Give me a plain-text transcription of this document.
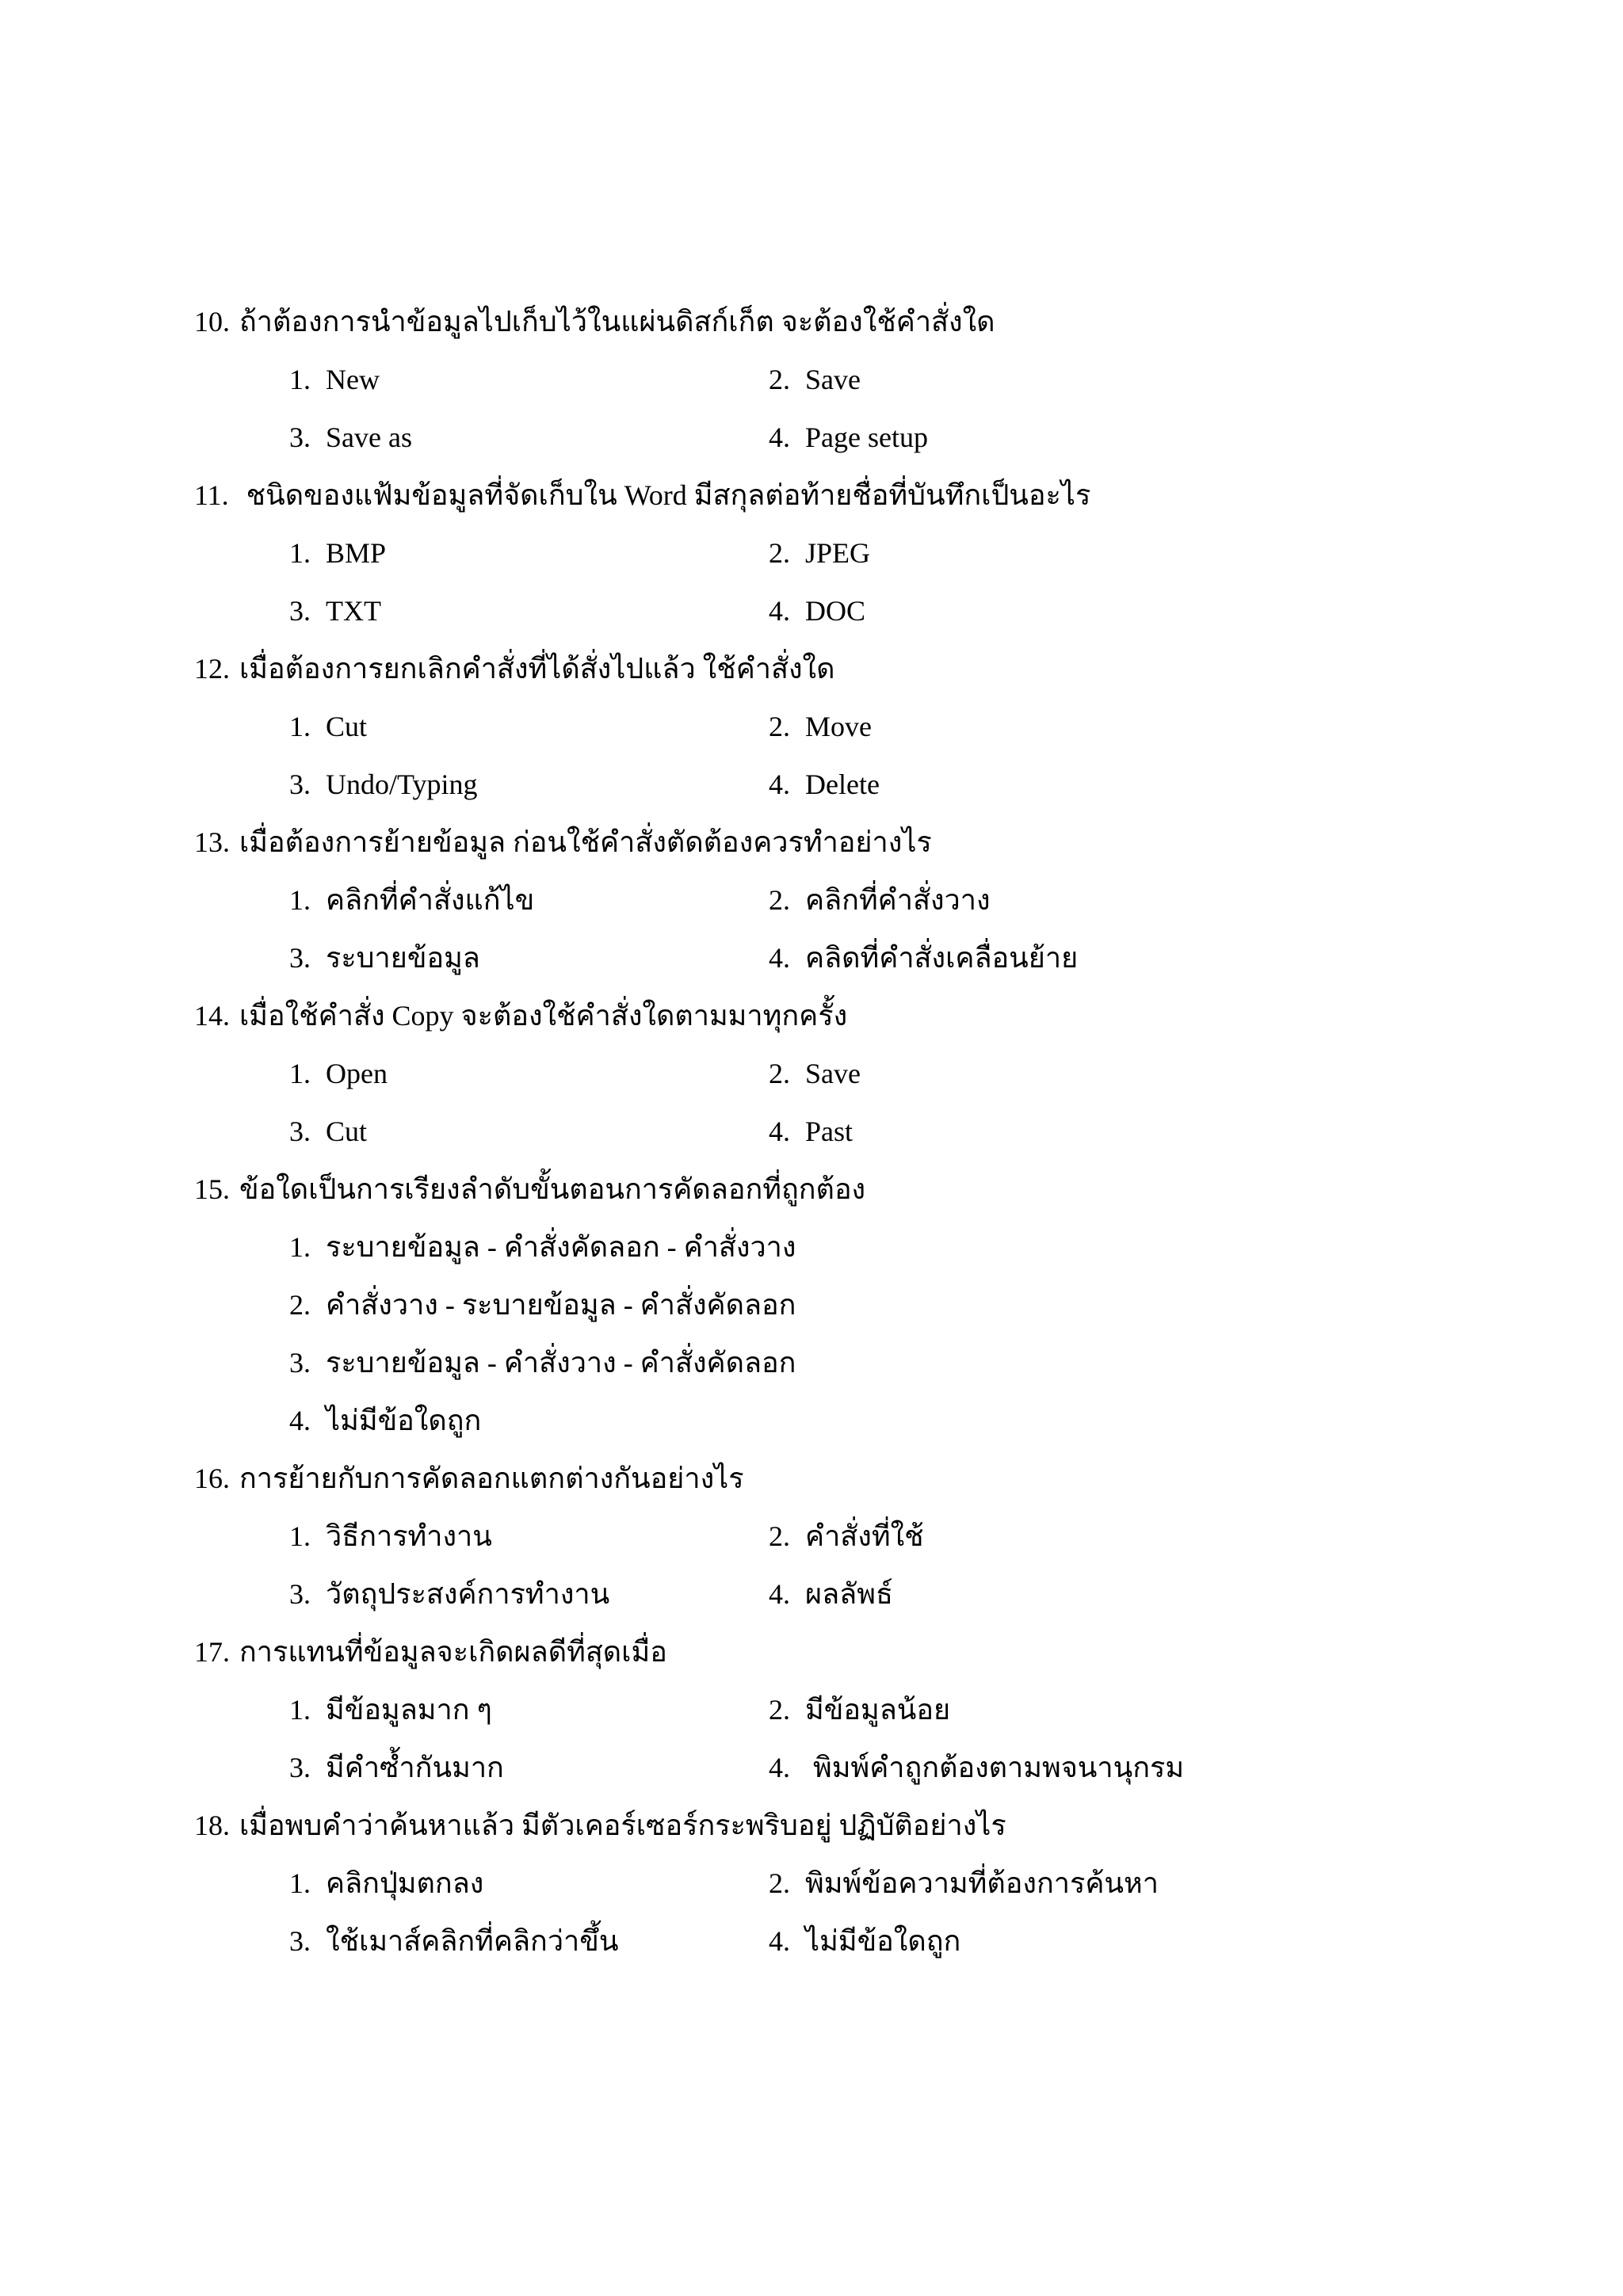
10. ถ้าต้องการนำข้อมูลไปเก็บไว้ในแผ่นดิสก์เก็ต จะต้องใช้คำสั่งใด
1. New	2. Save
3. Save as	4. Page setup
11. ชนิดของแฟ้มข้อมูลที่จัดเก็บใน Word มีสกุลต่อท้ายชื่อที่บันทึกเป็นอะไร
1. BMP	2. JPEG
3. TXT	4. DOC
12. เมื่อต้องการยกเลิกคำสั่งที่ได้สั่งไปแล้ว ใช้คำสั่งใด
1. Cut	2. Move
3. Undo/Typing	4. Delete
13. เมื่อต้องการย้ายข้อมูล ก่อนใช้คำสั่งตัดต้องควรทำอย่างไร
1. คลิกที่คำสั่งแก้ไข	2. คลิกที่คำสั่งวาง
3. ระบายข้อมูล	4. คลิดที่คำสั่งเคลื่อนย้าย
14. เมื่อใช้คำสั่ง Copy จะต้องใช้คำสั่งใดตามมาทุกครั้ง
1. Open	2. Save
3. Cut	4. Past
15. ข้อใดเป็นการเรียงลำดับขั้นตอนการคัดลอกที่ถูกต้อง
1. ระบายข้อมูล - คำสั่งคัดลอก - คำสั่งวาง
2. คำสั่งวาง - ระบายข้อมูล - คำสั่งคัดลอก
3. ระบายข้อมูล - คำสั่งวาง - คำสั่งคัดลอก
4. ไม่มีข้อใดถูก
16. การย้ายกับการคัดลอกแตกต่างกันอย่างไร
1. วิธีการทำงาน	2. คำสั่งที่ใช้
3. วัตถุประสงค์การทำงาน	4. ผลลัพธ์
17. การแทนที่ข้อมูลจะเกิดผลดีที่สุดเมื่อ
1. มีข้อมูลมาก ๆ	2. มีข้อมูลน้อย
3. มีคำซ้ำกันมาก	4. พิมพ์คำถูกต้องตามพจนานุกรม
18. เมื่อพบคำว่าค้นหาแล้ว มีตัวเคอร์เซอร์กระพริบอยู่ ปฏิบัติอย่างไร
1. คลิกปุ่มตกลง	2. พิมพ์ข้อความที่ต้องการค้นหา
3. ใช้เมาส์คลิกที่คลิกว่าขึ้น	4. ไม่มีข้อใดถูก
